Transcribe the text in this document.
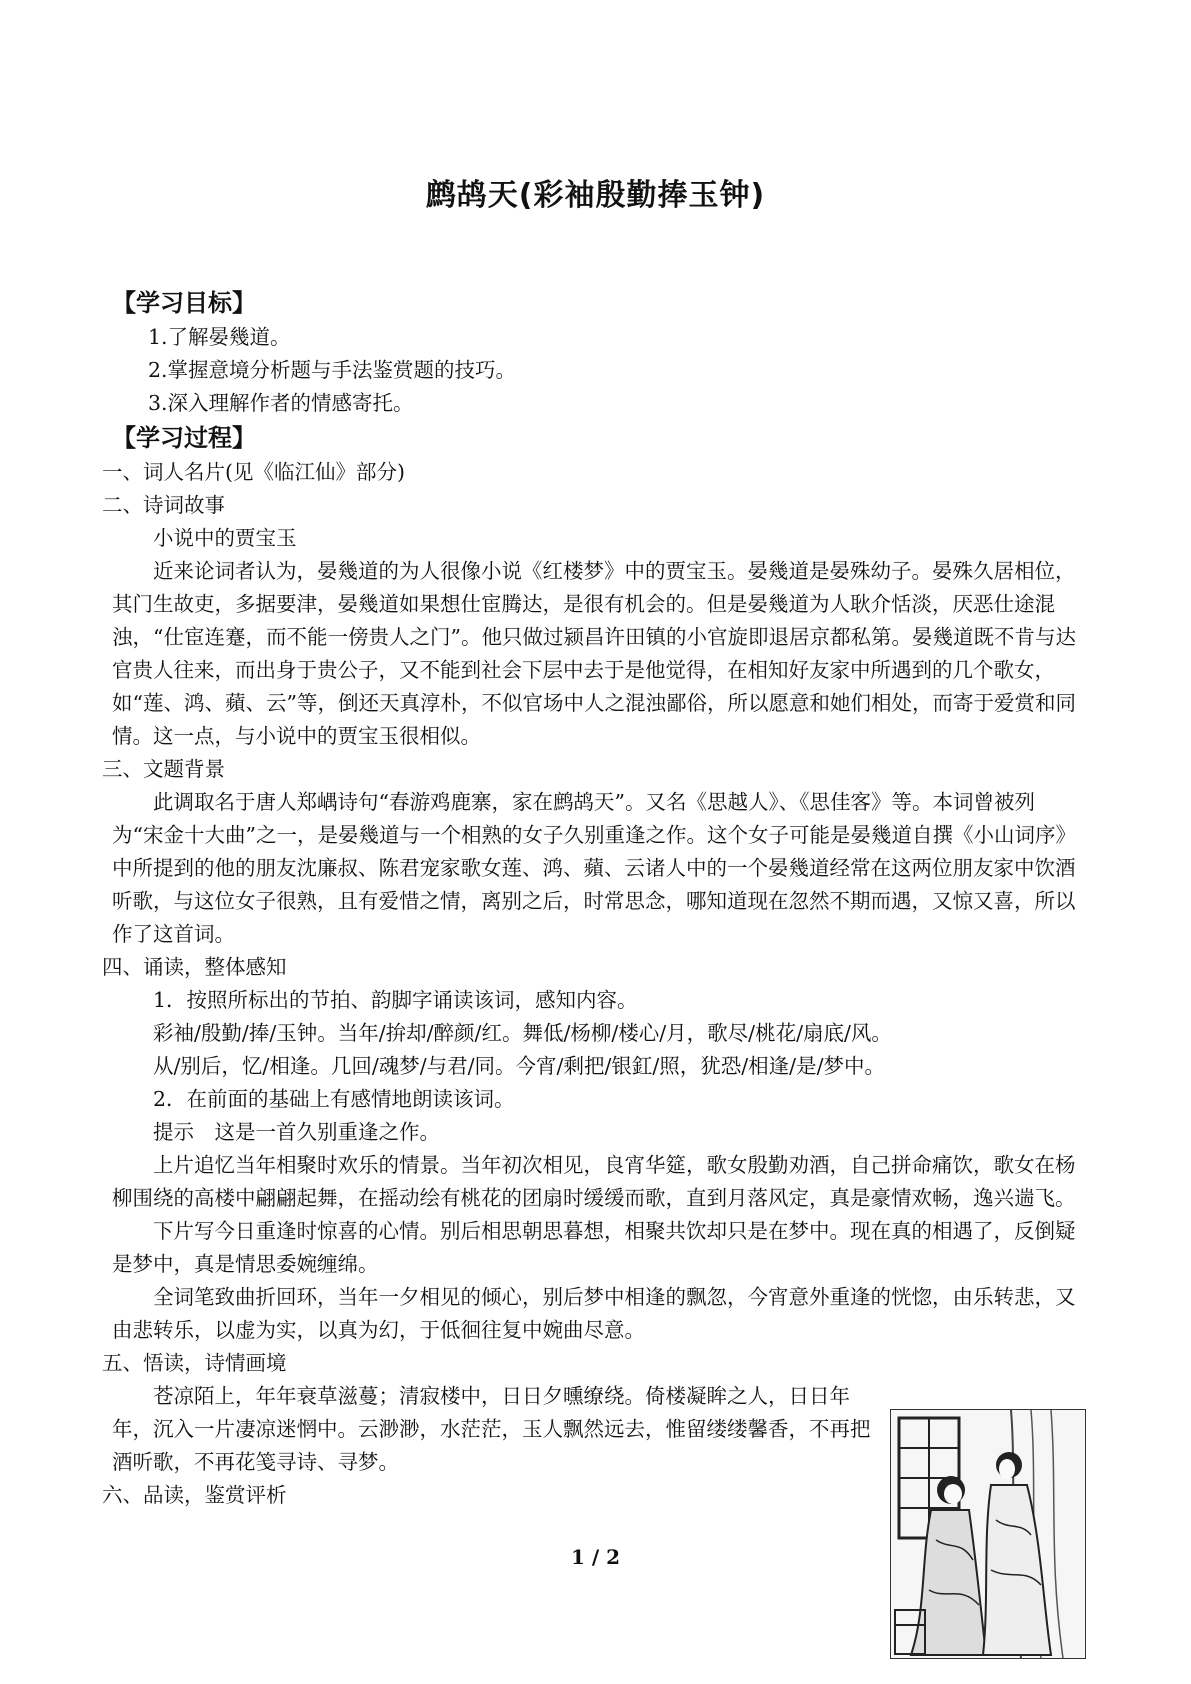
鹧鸪天(彩袖殷勤捧玉钟)

【学习目标】

1.了解晏幾道。

2.掌握意境分析题与手法鉴赏题的技巧。

3.深入理解作者的情感寄托。

【学习过程】

一、词人名片(见《临江仙》部分)

二、诗词故事

小说中的贾宝玉

近来论词者认为，晏幾道的为人很像小说《红楼梦》中的贾宝玉。晏幾道是晏殊幼子。晏殊久居相位，其门生故吏，多据要津，晏幾道如果想仕宦腾达，是很有机会的。但是晏幾道为人耿介恬淡，厌恶仕途混浊，“仕宦连蹇，而不能一傍贵人之门”。他只做过颍昌许田镇的小官旋即退居京都私第。晏幾道既不肯与达官贵人往来，而出身于贵公子，又不能到社会下层中去于是他觉得，在相知好友家中所遇到的几个歌女，如“莲、鸿、蘋、云”等，倒还天真淳朴，不似官场中人之混浊鄙俗，所以愿意和她们相处，而寄于爱赏和同情。这一点，与小说中的贾宝玉很相似。

三、文题背景

此调取名于唐人郑嵎诗句“春游鸡鹿寨，家在鹧鸪天”。又名《思越人》、《思佳客》等。本词曾被列为“宋金十大曲”之一，是晏幾道与一个相熟的女子久别重逢之作。这个女子可能是晏幾道自撰《小山词序》中所提到的他的朋友沈廉叔、陈君宠家歌女莲、鸿、蘋、云诸人中的一个晏幾道经常在这两位朋友家中饮酒听歌，与这位女子很熟，且有爱惜之情，离别之后，时常思念，哪知道现在忽然不期而遇，又惊又喜，所以作了这首词。

四、诵读，整体感知

1．按照所标出的节拍、韵脚字诵读该词，感知内容。

彩袖/殷勤/捧/玉钟。当年/拚却/醉颜/红。舞低/杨柳/楼心/月，歌尽/桃花/扇底/风。

从/别后，忆/相逢。几回/魂梦/与君/同。今宵/剩把/银釭/照，犹恐/相逢/是/梦中。

2．在前面的基础上有感情地朗读该词。

提示　这是一首久别重逢之作。

上片追忆当年相聚时欢乐的情景。当年初次相见，良宵华筵，歌女殷勤劝酒，自己拼命痛饮，歌女在杨柳围绕的高楼中翩翩起舞，在摇动绘有桃花的团扇时缓缓而歌，直到月落风定，真是豪情欢畅，逸兴遄飞。

下片写今日重逢时惊喜的心情。别后相思朝思暮想，相聚共饮却只是在梦中。现在真的相遇了，反倒疑是梦中，真是情思委婉缠绵。

全词笔致曲折回环，当年一夕相见的倾心，别后梦中相逢的飘忽，今宵意外重逢的恍惚，由乐转悲，又由悲转乐，以虚为实，以真为幻，于低徊往复中婉曲尽意。

五、悟读，诗情画境

苍凉陌上，年年衰草滋蔓；清寂楼中，日日夕曛缭绕。倚楼凝眸之人，日日年年，沉入一片凄凉迷惘中。云渺渺，水茫茫，玉人飘然远去，惟留缕缕馨香，不再把酒听歌，不再花笺寻诗、寻梦。

六、品读，鉴赏评析

1 / 2
